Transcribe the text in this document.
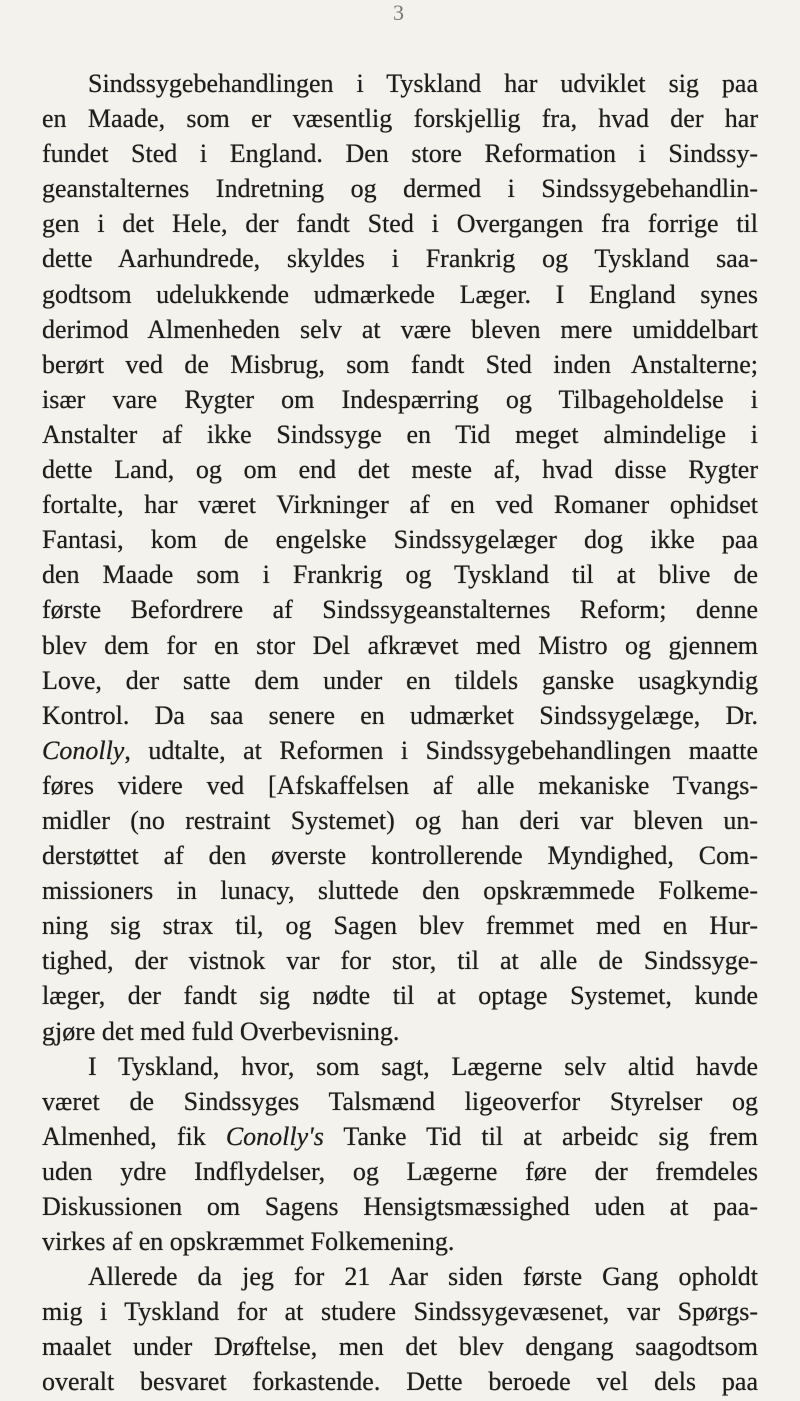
3
Sindssygebehandlingen i Tyskland har udviklet sig paa
en Maade, som er væsentlig forskjellig fra, hvad der har
fundet Sted i England. Den store Reformation i Sindssy-
geanstalternes Indretning og dermed i Sindssygebehandlin-
gen i det Hele, der fandt Sted i Overgangen fra forrige til
dette Aarhundrede, skyldes i Frankrig og Tyskland saa-
godtsom udelukkende udmærkede Læger. I England synes
derimod Almenheden selv at være bleven mere umiddelbart
berørt ved de Misbrug, som fandt Sted inden Anstalterne;
især vare Rygter om Indespærring og Tilbageholdelse i
Anstalter af ikke Sindssyge en Tid meget almindelige i
dette Land, og om end det meste af, hvad disse Rygter
fortalte, har været Virkninger af en ved Romaner ophidset
Fantasi, kom de engelske Sindssygelæger dog ikke paa
den Maade som i Frankrig og Tyskland til at blive de
første Befordrere af Sindssygeanstalternes Reform; denne
blev dem for en stor Del afkrævet med Mistro og gjennem
Love, der satte dem under en tildels ganske usagkyndig
Kontrol. Da saa senere en udmærket Sindssygelæge, Dr.
Conolly, udtalte, at Reformen i Sindssygebehandlingen maatte
føres videre ved [Afskaffelsen af alle mekaniske Tvangs-
midler (no restraint Systemet) og han deri var bleven un-
derstøttet af den øverste kontrollerende Myndighed, Com-
missioners in lunacy, sluttede den opskræmmede Folkeme-
ning sig strax til, og Sagen blev fremmet med en Hur-
tighed, der vistnok var for stor, til at alle de Sindssyge-
læger, der fandt sig nødte til at optage Systemet, kunde
gjøre det med fuld Overbevisning.
I Tyskland, hvor, som sagt, Lægerne selv altid havde
været de Sindssyges Talsmænd ligeoverfor Styrelser og
Almenhed, fik Conolly's Tanke Tid til at arbeidc sig frem
uden ydre Indflydelser, og Lægerne føre der fremdeles
Diskussionen om Sagens Hensigtsmæssighed uden at paa-
virkes af en opskræmmet Folkemening.
Allerede da jeg for 21 Aar siden første Gang opholdt
mig i Tyskland for at studere Sindssygevæsenet, var Spørgs-
maalet under Drøftelse, men det blev dengang saagodtsom
overalt besvaret forkastende. Dette beroede vel dels paa
